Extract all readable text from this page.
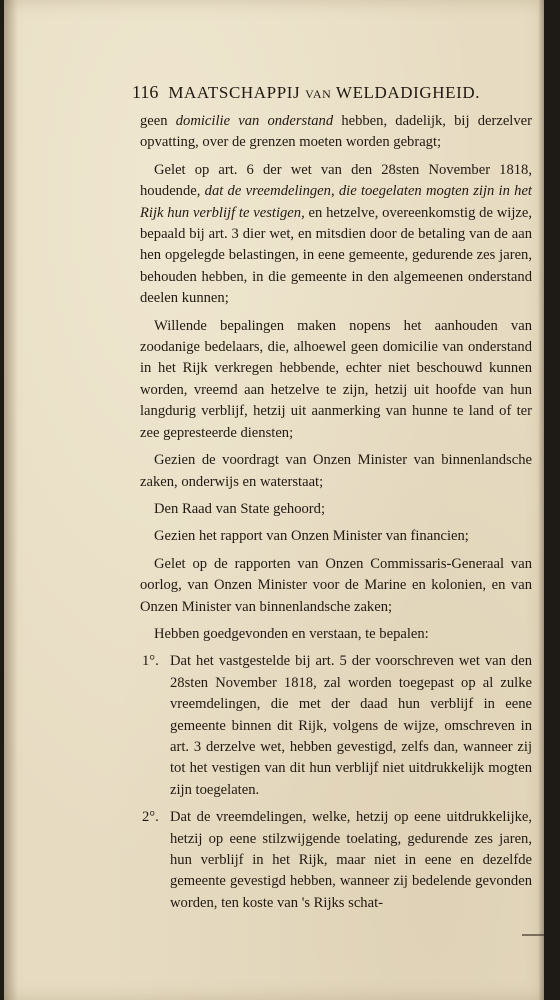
116 MAATSCHAPPIJ van WELDADIGHEID.

geen domicilie van onderstand hebben, dadelijk, bij derzelver opvatting, over de grenzen moeten worden gebragt;

Gelet op art. 6 der wet van den 28sten November 1818, houdende, dat de vreemdelingen, die toegelaten mogten zijn in het Rijk hun verblijf te vestigen, en hetzelve, overeenkomstig de wijze, bepaald bij art. 3 dier wet, en mitsdien door de betaling van de aan hen opgelegde belastingen, in eene gemeente, gedurende zes jaren, behouden hebben, in die gemeente in den algemeenen onderstand deelen kunnen;

Willende bepalingen maken nopens het aanhouden van zoodanige bedelaars, die, alhoewel geen domicilie van onderstand in het Rijk verkregen hebbende, echter niet beschouwd kunnen worden, vreemd aan hetzelve te zijn, hetzij uit hoofde van hun langdurig verblijf, hetzij uit aanmerking van hunne te land of ter zee gepresteerde diensten;

Gezien de voordragt van Onzen Minister van binnenlandsche zaken, onderwijs en waterstaat;

Den Raad van State gehoord;

Gezien het rapport van Onzen Minister van financien;

Gelet op de rapporten van Onzen Commissaris-Generaal van oorlog, van Onzen Minister voor de Marine en kolonien, en van Onzen Minister van binnenlandsche zaken;

Hebben goedgevonden en verstaan, te bepalen:

1°. Dat het vastgestelde bij art. 5 der voorschreven wet van den 28sten November 1818, zal worden toegepast op al zulke vreemdelingen, die met der daad hun verblijf in eene gemeente binnen dit Rijk, volgens de wijze, omschreven in art. 3 derzelve wet, hebben gevestigd, zelfs dan, wanneer zij tot het vestigen van dit hun verblijf niet uitdrukkelijk mogten zijn toegelaten.

2°. Dat de vreemdelingen, welke, hetzij op eene uitdrukkelijke, hetzij op eene stilzwijgende toelating, gedurende zes jaren, hun verblijf in het Rijk, maar niet in eene en dezelfde gemeente gevestigd hebben, wanneer zij bedelende gevonden worden, ten koste van 's Rijks schat-
